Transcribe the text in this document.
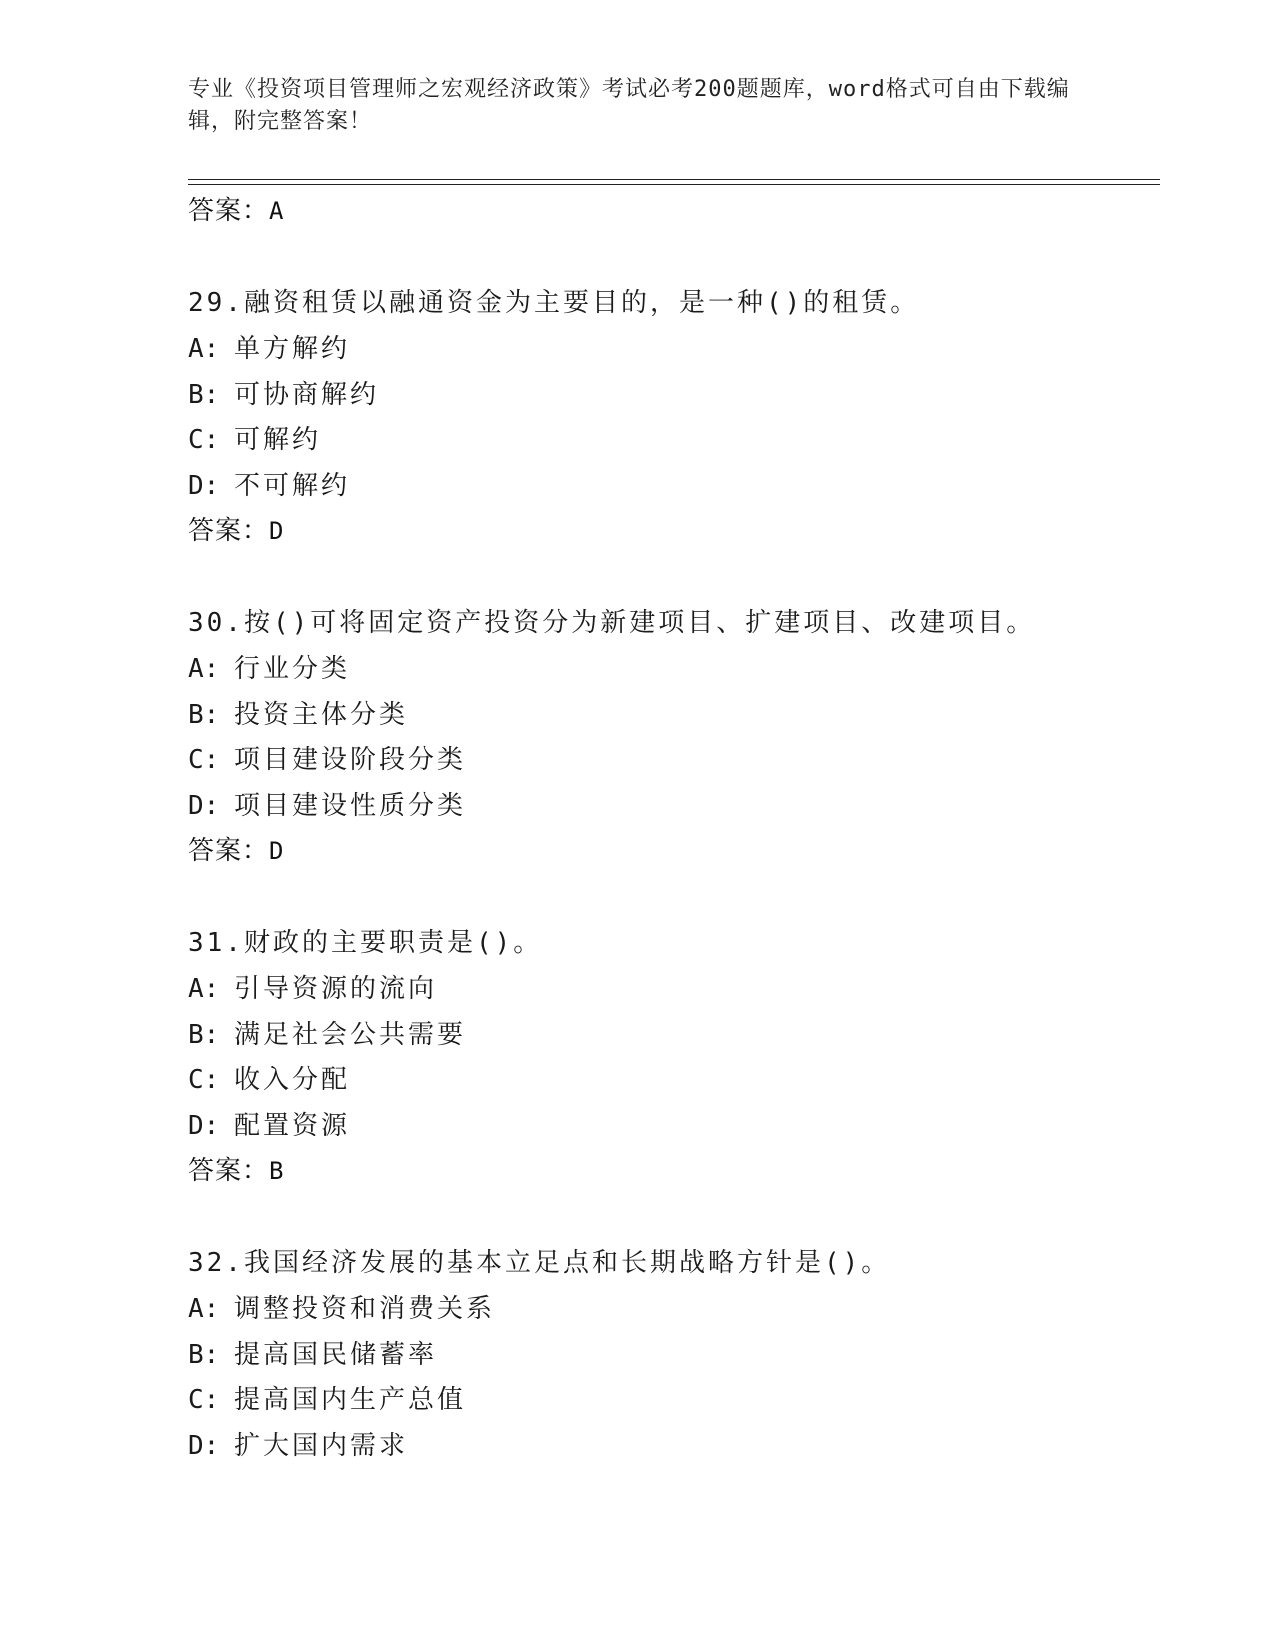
专业《投资项目管理师之宏观经济政策》考试必考200题题库，word格式可自由下载编辑，附完整答案！
答案：A
29.融资租赁以融通资金为主要目的，是一种()的租赁。
A: 单方解约
B: 可协商解约
C: 可解约
D: 不可解约
答案：D
30.按()可将固定资产投资分为新建项目、扩建项目、改建项目。
A: 行业分类
B: 投资主体分类
C: 项目建设阶段分类
D: 项目建设性质分类
答案：D
31.财政的主要职责是()。
A: 引导资源的流向
B: 满足社会公共需要
C: 收入分配
D: 配置资源
答案：B
32.我国经济发展的基本立足点和长期战略方针是()。
A: 调整投资和消费关系
B: 提高国民储蓄率
C: 提高国内生产总值
D: 扩大国内需求
